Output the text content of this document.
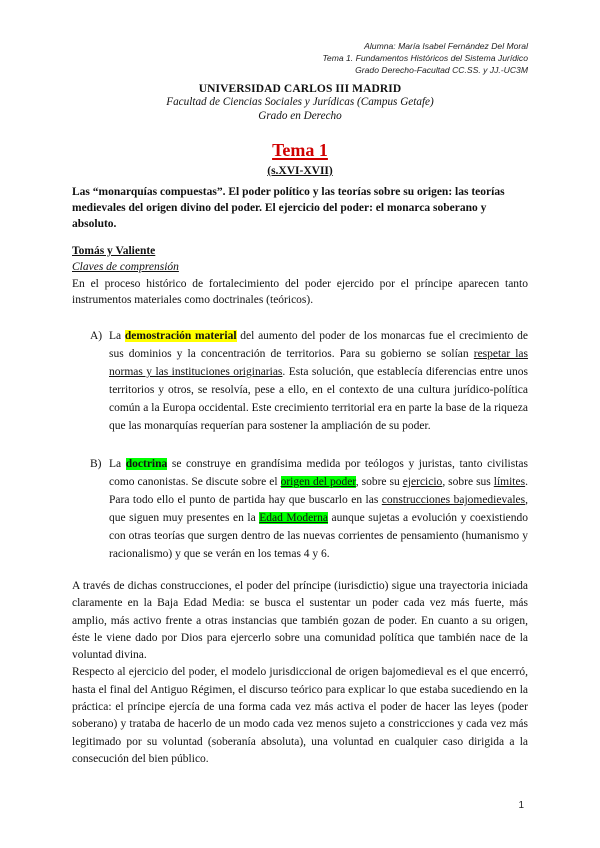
Alumna: María Isabel Fernández Del Moral
Tema 1. Fundamentos Históricos del Sistema Jurídico
Grado Derecho-Facultad CC.SS. y JJ.-UC3M
UNIVERSIDAD CARLOS III MADRID
Facultad de Ciencias Sociales y Jurídicas (Campus Getafe)
Grado en Derecho
Tema 1
(s.XVI-XVII)
Las “monarquías compuestas”. El poder político y las teorías sobre su origen: las teorías medievales del origen divino del poder. El ejercicio del poder: el monarca soberano y absoluto.
Tomás y Valiente
Claves de comprensión
En el proceso histórico de fortalecimiento del poder ejercido por el príncipe aparecen tanto instrumentos materiales como doctrinales (teóricos).
A) La demostración material del aumento del poder de los monarcas fue el crecimiento de sus dominios y la concentración de territorios. Para su gobierno se solían respetar las normas y las instituciones originarias. Esta solución, que establecía diferencias entre unos territorios y otros, se resolvía, pese a ello, en el contexto de una cultura jurídico-política común a la Europa occidental. Este crecimiento territorial era en parte la base de la riqueza que las monarquías requerían para sostener la ampliación de su poder.
B) La doctrina se construye en grandísima medida por teólogos y juristas, tanto civilistas como canonistas. Se discute sobre el origen del poder, sobre su ejercicio, sobre sus límites. Para todo ello el punto de partida hay que buscarlo en las construcciones bajomedievales, que siguen muy presentes en la Edad Moderna aunque sujetas a evolución y coexistiendo con otras teorías que surgen dentro de las nuevas corrientes de pensamiento (humanismo y racionalismo) y que se verán en los temas 4 y 6.

A través de dichas construcciones, el poder del príncipe (iurisdictio) sigue una trayectoria iniciada claramente en la Baja Edad Media: se busca el sustentar un poder cada vez más fuerte, más amplio, más activo frente a otras instancias que también gozan de poder. En cuanto a su origen, éste le viene dado por Dios para ejercerlo sobre una comunidad política que también nace de la voluntad divina.

Respecto al ejercicio del poder, el modelo jurisdiccional de origen bajomedieval es el que encerró, hasta el final del Antiguo Régimen, el discurso teórico para explicar lo que estaba sucediendo en la práctica: el príncipe ejercía de una forma cada vez más activa el poder de hacer las leyes (poder soberano) y trataba de hacerlo de un modo cada vez menos sujeto a constricciones y cada vez más legitimado por su voluntad (soberanía absoluta), una voluntad en cualquier caso dirigida a la consecución del bien público.

1
